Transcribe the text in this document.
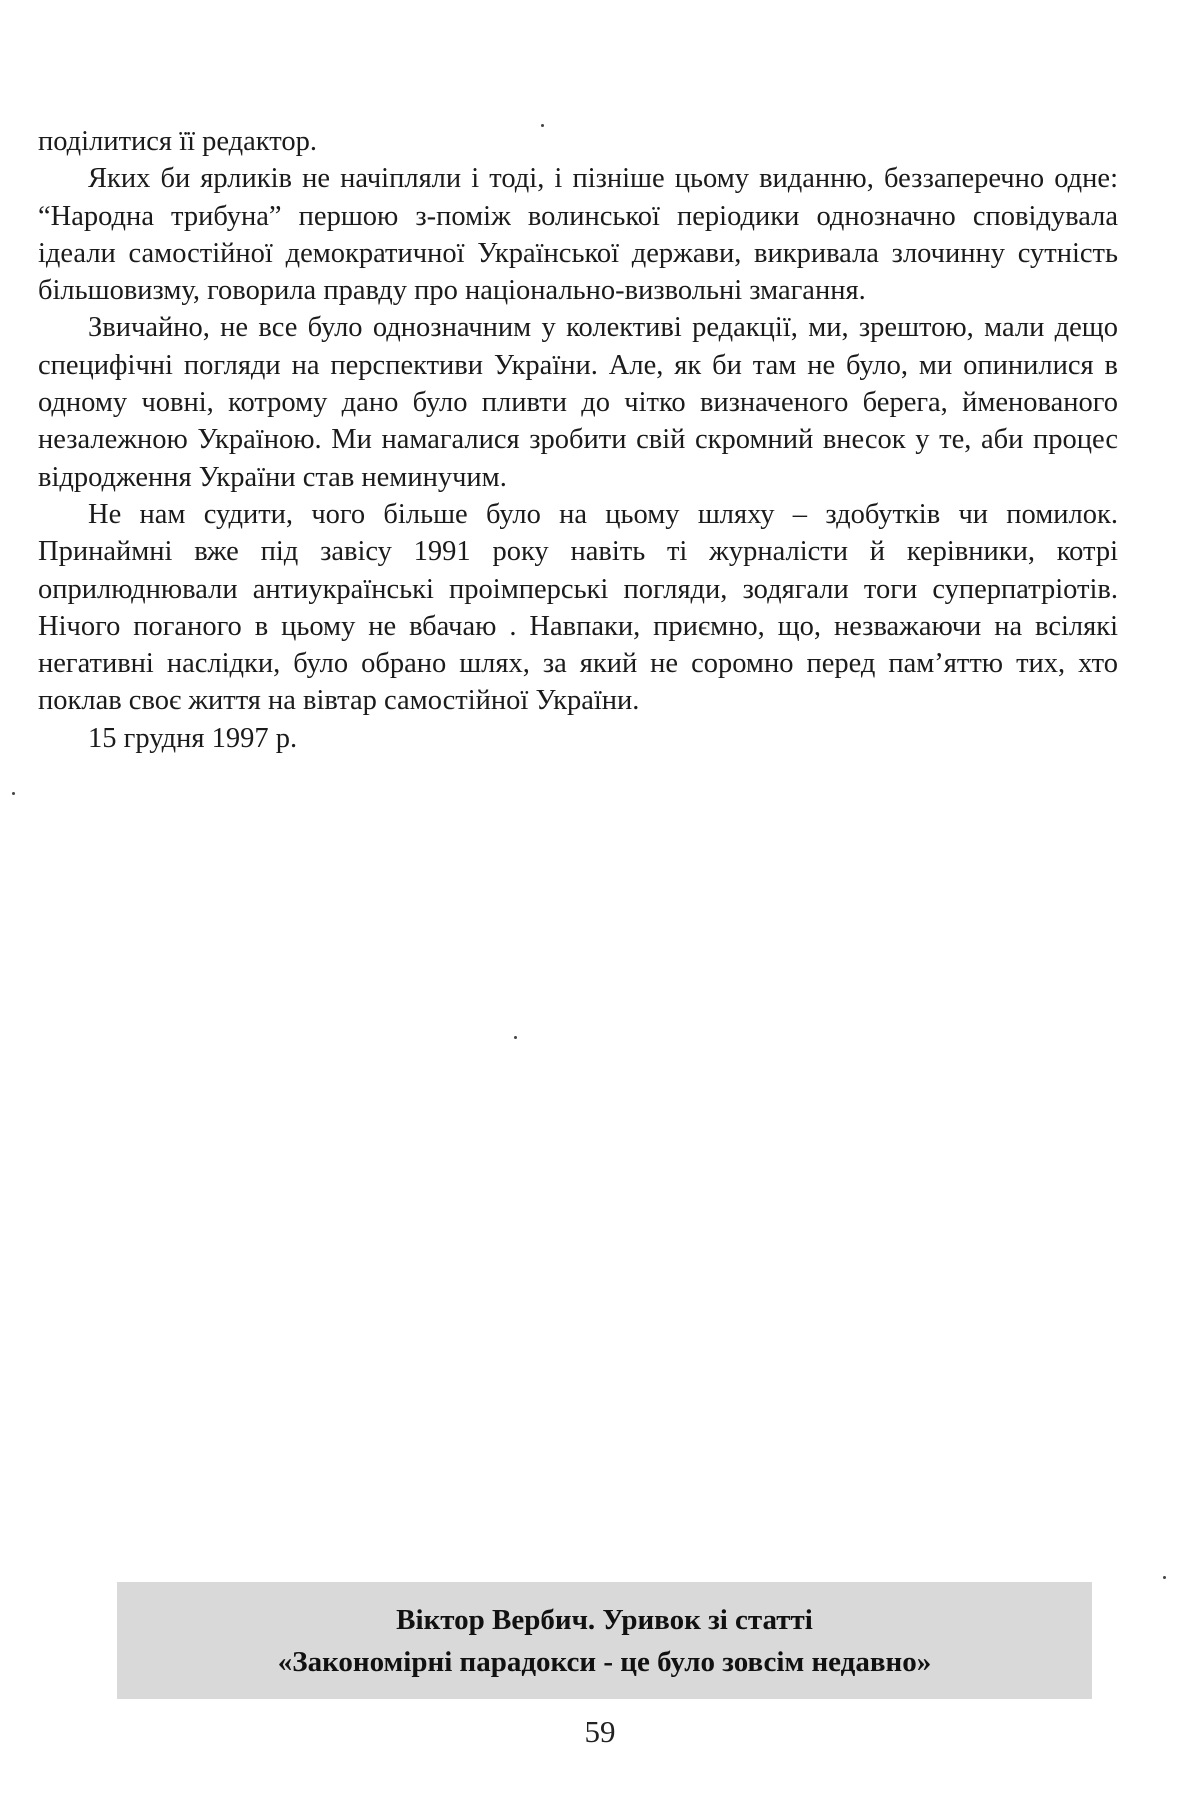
поділитися її редактор.

Яких би ярликів не начіпляли і тоді, і пізніше цьому виданню, беззаперечно одне: “Народна трибуна” першою з-поміж волинської періодики однозначно сповідувала ідеали самостійної демократичної Української держави, викривала злочинну сутність більшовизму, говорила правду про національно-визвольні змагання.

Звичайно, не все було однозначним у колективі редакції, ми, зрештою, мали дещо специфічні погляди на перспективи України. Але, як би там не було, ми опинилися в одному човні, котрому дано було пливти до чітко визначеного берега, йменованого незалежною Україною. Ми намагалися зробити свій скромний внесок у те, аби процес відродження України став неминучим.

Не нам судити, чого більше було на цьому шляху – здобутків чи помилок. Принаймні вже під завісу 1991 року навіть ті журналісти й керівники, котрі оприлюднювали антиукраїнські проімперські погляди, зодягали тоги суперпатріотів. Нічого поганого в цьому не вбачаю . Навпаки, приємно, що, незважаючи на всілякі негативні наслідки, було обрано шлях, за який не соромно перед пам’яттю тих, хто поклав своє життя на вівтар самостійної України.

15 грудня 1997 р.

Віктор Вербич. Уривок зі статті
«Закономірні парадокси - це було зовсім недавно»
59
